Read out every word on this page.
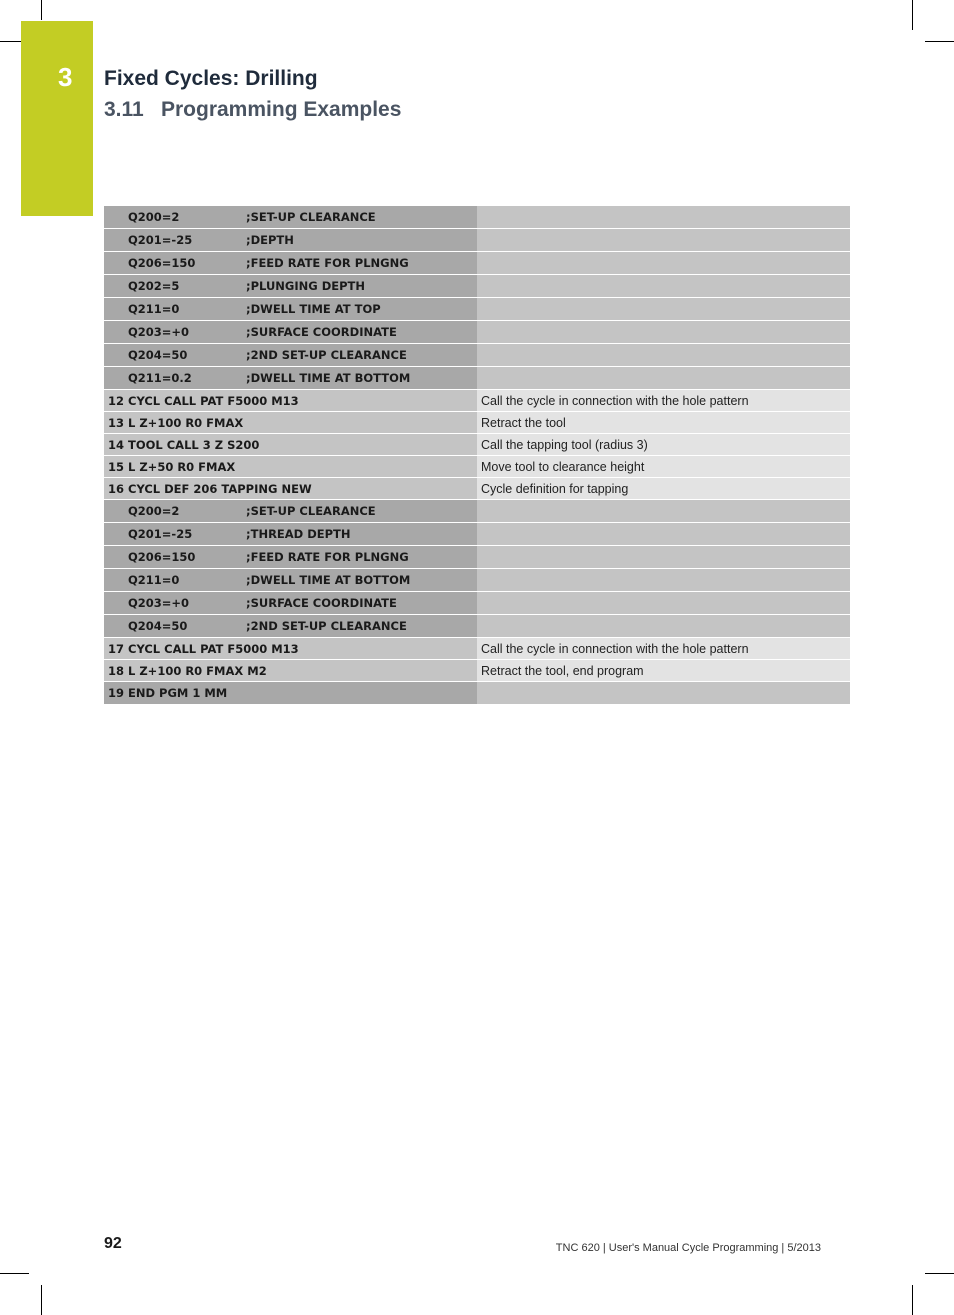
3 Fixed Cycles: Drilling
3.11 Programming Examples
Q200=2 ;SET-UP CLEARANCE	
Q201=-25 ;DEPTH	
Q206=150 ;FEED RATE FOR PLNGNG	
Q202=5 ;PLUNGING DEPTH	
Q211=0 ;DWELL TIME AT TOP	
Q203=+0 ;SURFACE COORDINATE	
Q204=50 ;2ND SET-UP CLEARANCE	
Q211=0.2 ;DWELL TIME AT BOTTOM	
12 CYCL CALL PAT F5000 M13	Call the cycle in connection with the hole pattern
13 L Z+100 R0 FMAX	Retract the tool
14 TOOL CALL 3 Z S200	Call the tapping tool (radius 3)
15 L Z+50 R0 FMAX	Move tool to clearance height
16 CYCL DEF 206 TAPPING NEW	Cycle definition for tapping
Q200=2 ;SET-UP CLEARANCE	
Q201=-25 ;THREAD DEPTH	
Q206=150 ;FEED RATE FOR PLNGNG	
Q211=0 ;DWELL TIME AT BOTTOM	
Q203=+0 ;SURFACE COORDINATE	
Q204=50 ;2ND SET-UP CLEARANCE	
17 CYCL CALL PAT F5000 M13	Call the cycle in connection with the hole pattern
18 L Z+100 R0 FMAX M2	Retract the tool, end program
19 END PGM 1 MM	
92	TNC 620 | User's Manual Cycle Programming | 5/2013
